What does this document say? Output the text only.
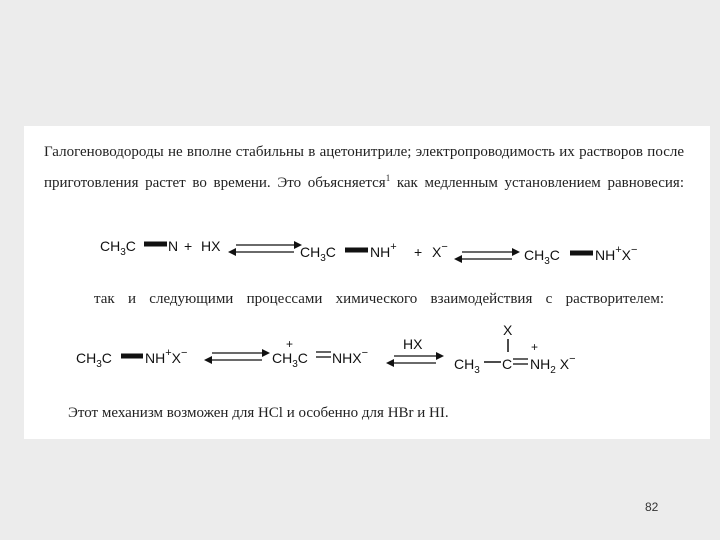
Галогеноводороды не вполне стабильны в ацетонитриле; электропроводимость их растворов после приготовления растет во времени. Это объясняется$^1$ как медленным установлением равновесия:

$CH_3C$ N + HX	$CH_3C$ NH+ + X−	$CH_3C$	NH+X−
$CH_3C$ NH+X−
+
$CH_3C$ NHX−
HX
X
$CH_3$ C
+
$NH_2$ X−

так и следующими процессами химического взаимодействия с растворителем:

Этот механизм возможен для HCl и особенно для HBr и HI.

82
